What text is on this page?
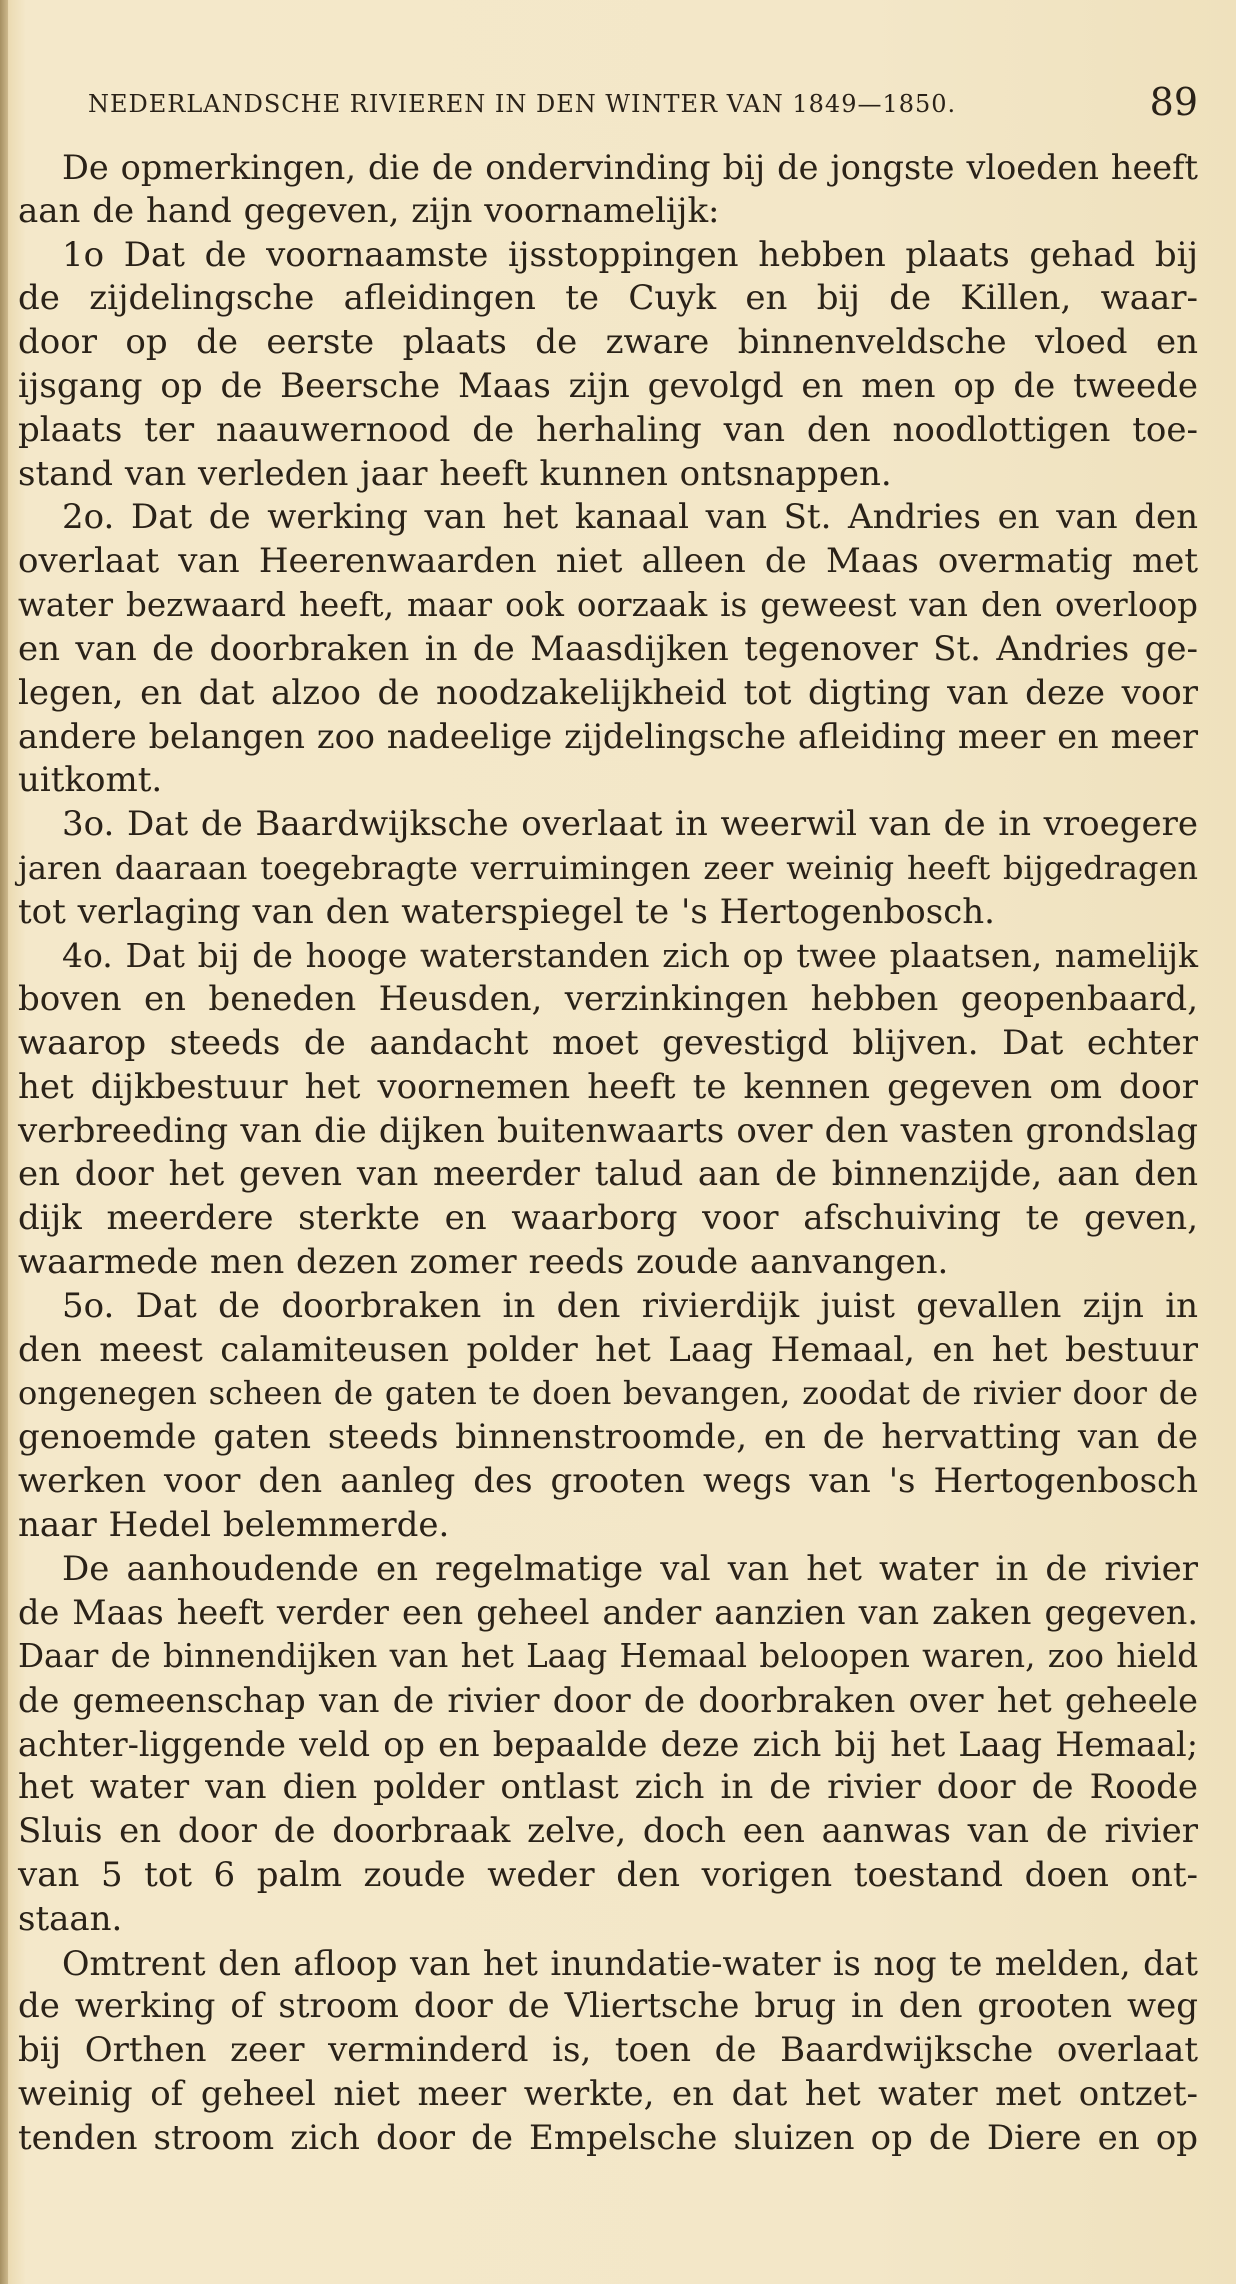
NEDERLANDSCHE RIVIEREN IN DEN WINTER VAN 1849—1850.	89
De opmerkingen, die de ondervinding bij de jongste vloeden heeft
aan de hand gegeven, zijn voornamelijk:
1o Dat de voornaamste ijsstoppingen hebben plaats gehad bij
de zijdelingsche afleidingen te Cuyk en bij de Killen, waar-
door op de eerste plaats de zware binnenveldsche vloed en
ijsgang op de Beersche Maas zijn gevolgd en men op de tweede
plaats ter naauwernood de herhaling van den noodlottigen toe-
stand van verleden jaar heeft kunnen ontsnappen.
2o. Dat de werking van het kanaal van St. Andries en van den
overlaat van Heerenwaarden niet alleen de Maas overmatig met
water bezwaard heeft, maar ook oorzaak is geweest van den overloop
en van de doorbraken in de Maasdijken tegenover St. Andries ge-
legen, en dat alzoo de noodzakelijkheid tot digting van deze voor
andere belangen zoo nadeelige zijdelingsche afleiding meer en meer
uitkomt.
3o. Dat de Baardwijksche overlaat in weerwil van de in vroegere
jaren daaraan toegebragte verruimingen zeer weinig heeft bijgedragen
tot verlaging van den waterspiegel te 's Hertogenbosch.
4o. Dat bij de hooge waterstanden zich op twee plaatsen, namelijk
boven en beneden Heusden, verzinkingen hebben geopenbaard,
waarop steeds de aandacht moet gevestigd blijven. Dat echter
het dijkbestuur het voornemen heeft te kennen gegeven om door
verbreeding van die dijken buitenwaarts over den vasten grondslag
en door het geven van meerder talud aan de binnenzijde, aan den
dijk meerdere sterkte en waarborg voor afschuiving te geven,
waarmede men dezen zomer reeds zoude aanvangen.
5o. Dat de doorbraken in den rivierdijk juist gevallen zijn in
den meest calamiteusen polder het Laag Hemaal, en het bestuur
ongenegen scheen de gaten te doen bevangen, zoodat de rivier door de
genoemde gaten steeds binnenstroomde, en de hervatting van de
werken voor den aanleg des grooten wegs van 's Hertogenbosch
naar Hedel belemmerde.
De aanhoudende en regelmatige val van het water in de rivier
de Maas heeft verder een geheel ander aanzien van zaken gegeven.
Daar de binnendijken van het Laag Hemaal beloopen waren, zoo hield
de gemeenschap van de rivier door de doorbraken over het geheele
achter-liggende veld op en bepaalde deze zich bij het Laag Hemaal;
het water van dien polder ontlast zich in de rivier door de Roode
Sluis en door de doorbraak zelve, doch een aanwas van de rivier
van 5 tot 6 palm zoude weder den vorigen toestand doen ont-
staan.
Omtrent den afloop van het inundatie-water is nog te melden, dat
de werking of stroom door de Vliertsche brug in den grooten weg
bij Orthen zeer verminderd is, toen de Baardwijksche overlaat
weinig of geheel niet meer werkte, en dat het water met ontzet-
tenden stroom zich door de Empelsche sluizen op de Diere en op
